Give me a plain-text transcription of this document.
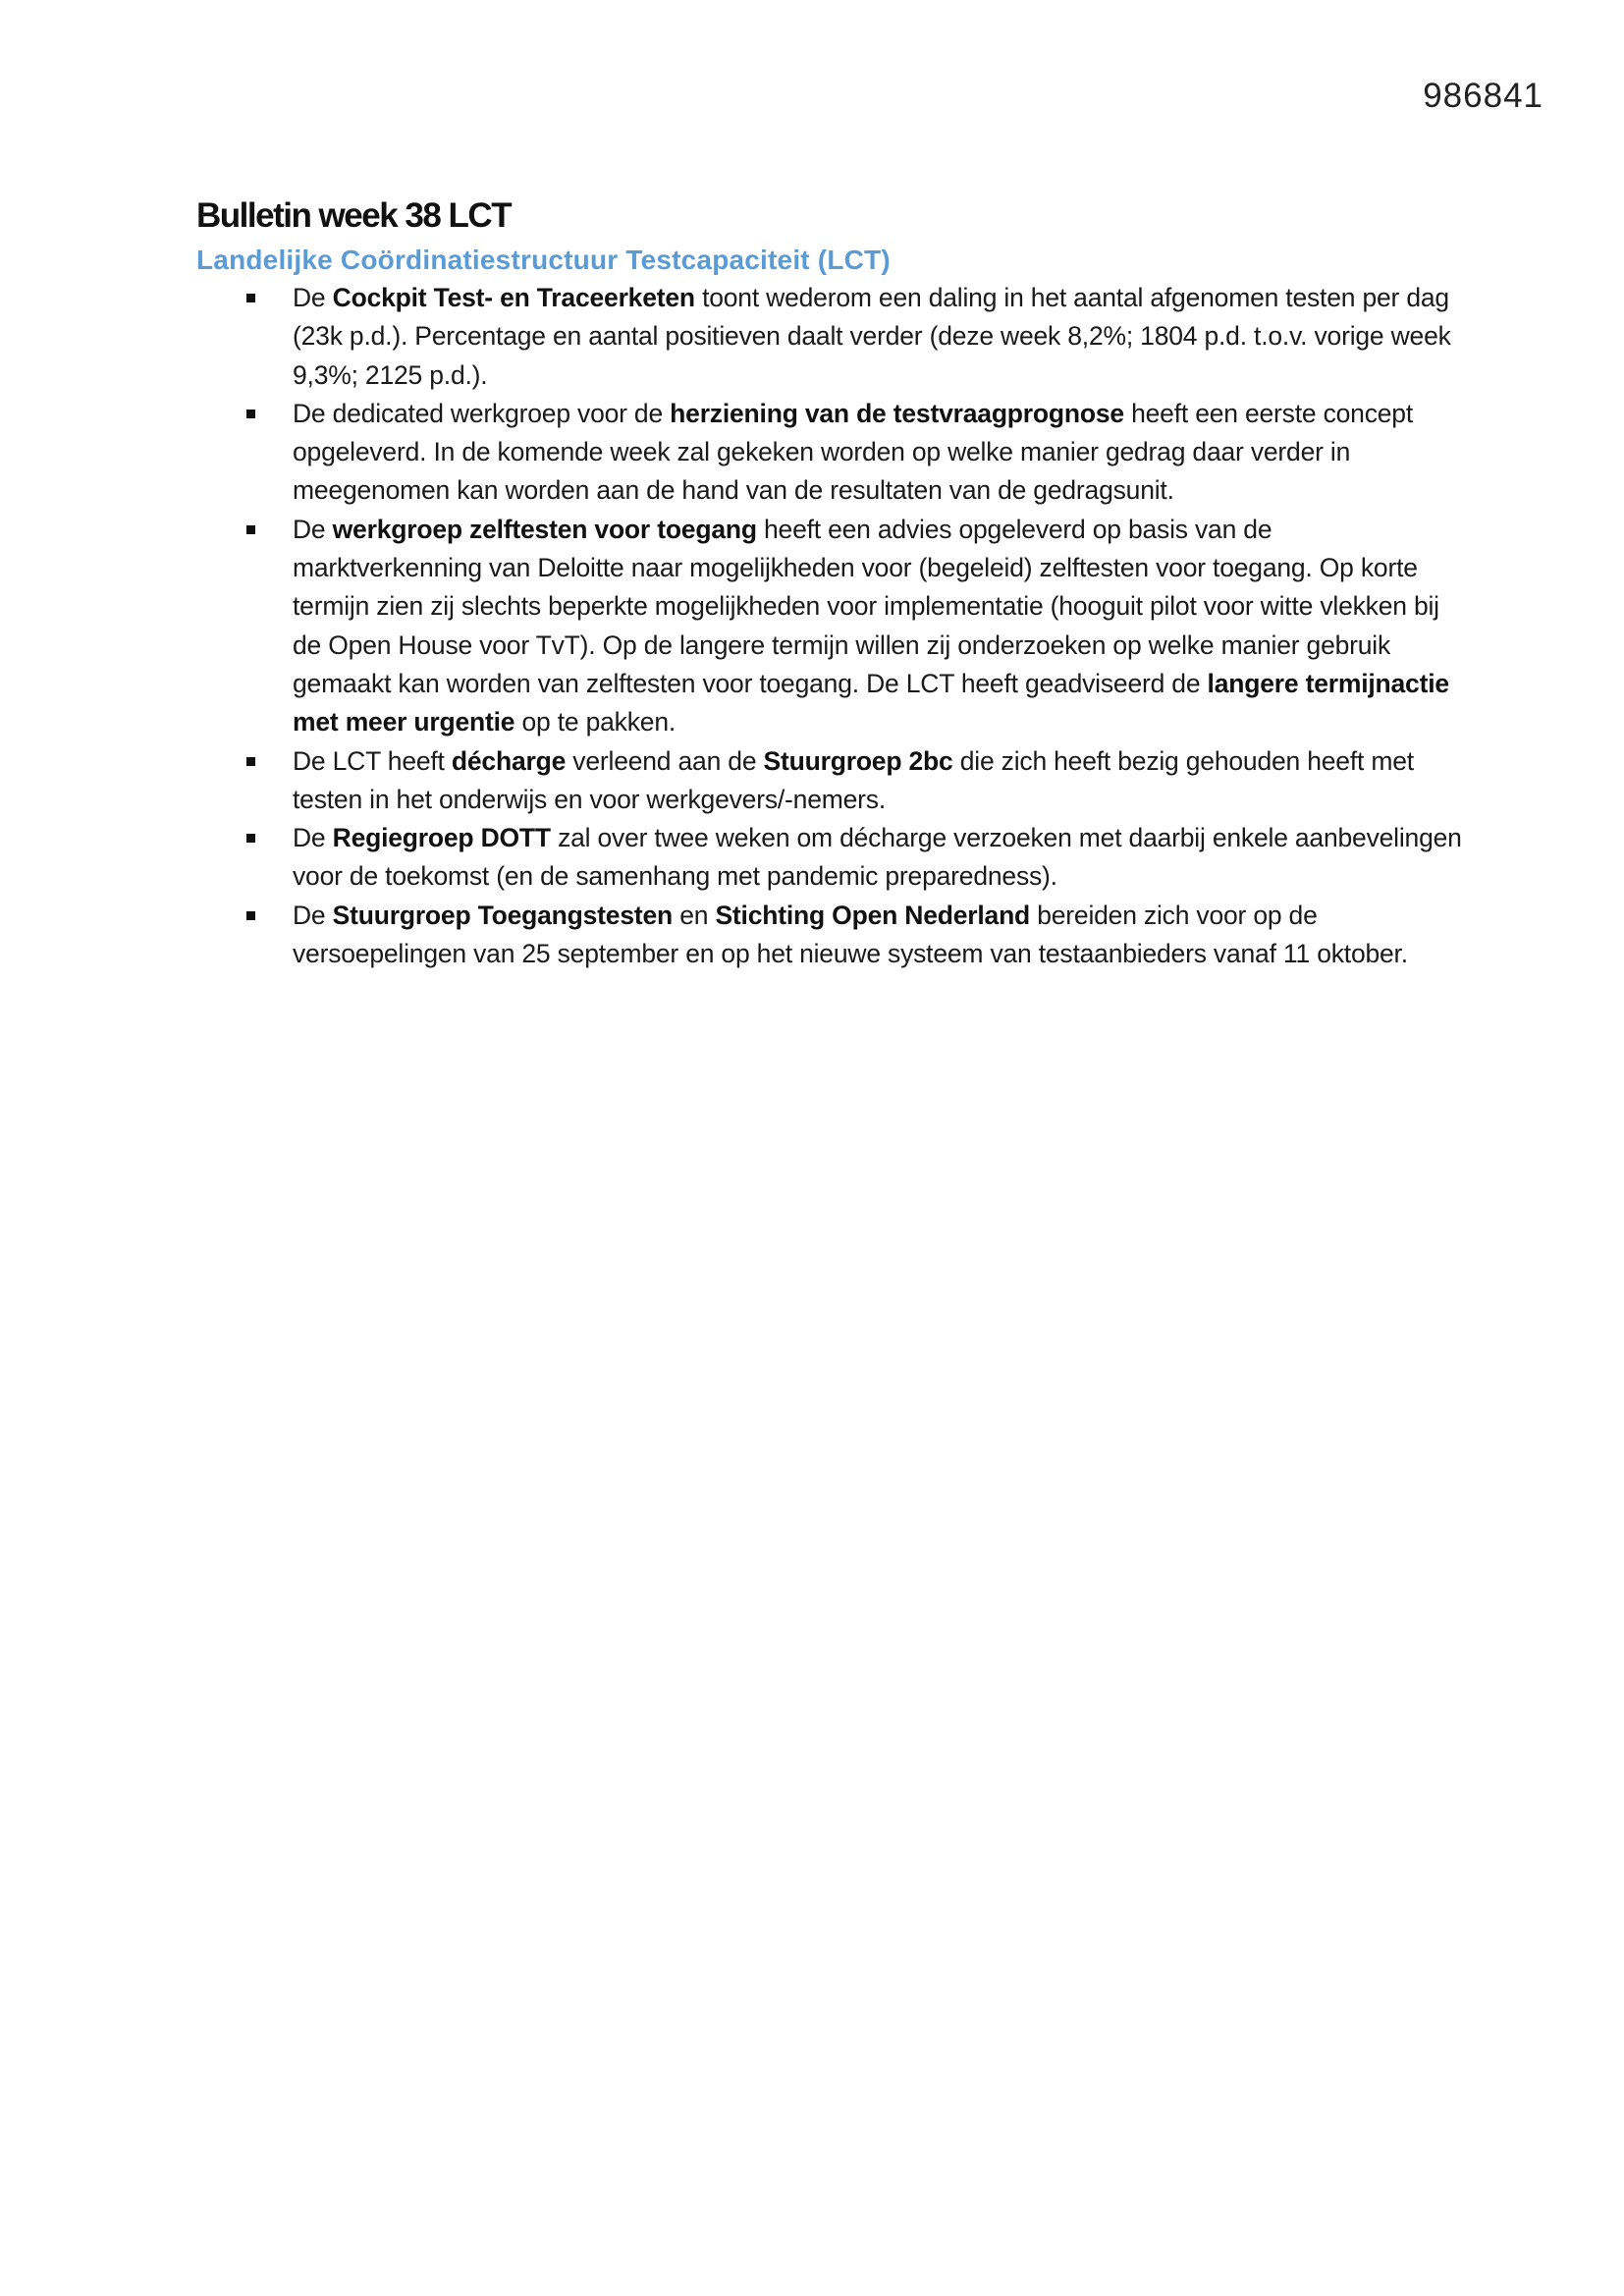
986841
Bulletin week 38 LCT
Landelijke Coördinatiestructuur Testcapaciteit (LCT)
De Cockpit Test- en Traceerketen toont wederom een daling in het aantal afgenomen testen per dag (23k p.d.). Percentage en aantal positieven daalt verder (deze week 8,2%; 1804 p.d. t.o.v. vorige week 9,3%; 2125 p.d.).
De dedicated werkgroep voor de herziening van de testvraagprognose heeft een eerste concept opgeleverd. In de komende week zal gekeken worden op welke manier gedrag daar verder in meegenomen kan worden aan de hand van de resultaten van de gedragsunit.
De werkgroep zelftesten voor toegang heeft een advies opgeleverd op basis van de marktverkenning van Deloitte naar mogelijkheden voor (begeleid) zelftesten voor toegang. Op korte termijn zien zij slechts beperkte mogelijkheden voor implementatie (hooguit pilot voor witte vlekken bij de Open House voor TvT). Op de langere termijn willen zij onderzoeken op welke manier gebruik gemaakt kan worden van zelftesten voor toegang. De LCT heeft geadviseerd de langere termijnactie met meer urgentie op te pakken.
De LCT heeft décharge verleend aan de Stuurgroep 2bc die zich heeft bezig gehouden heeft met testen in het onderwijs en voor werkgevers/-nemers.
De Regiegroep DOTT zal over twee weken om décharge verzoeken met daarbij enkele aanbevelingen voor de toekomst (en de samenhang met pandemic preparedness).
De Stuurgroep Toegangstesten en Stichting Open Nederland bereiden zich voor op de versoepelingen van 25 september en op het nieuwe systeem van testaanbieders vanaf 11 oktober.
